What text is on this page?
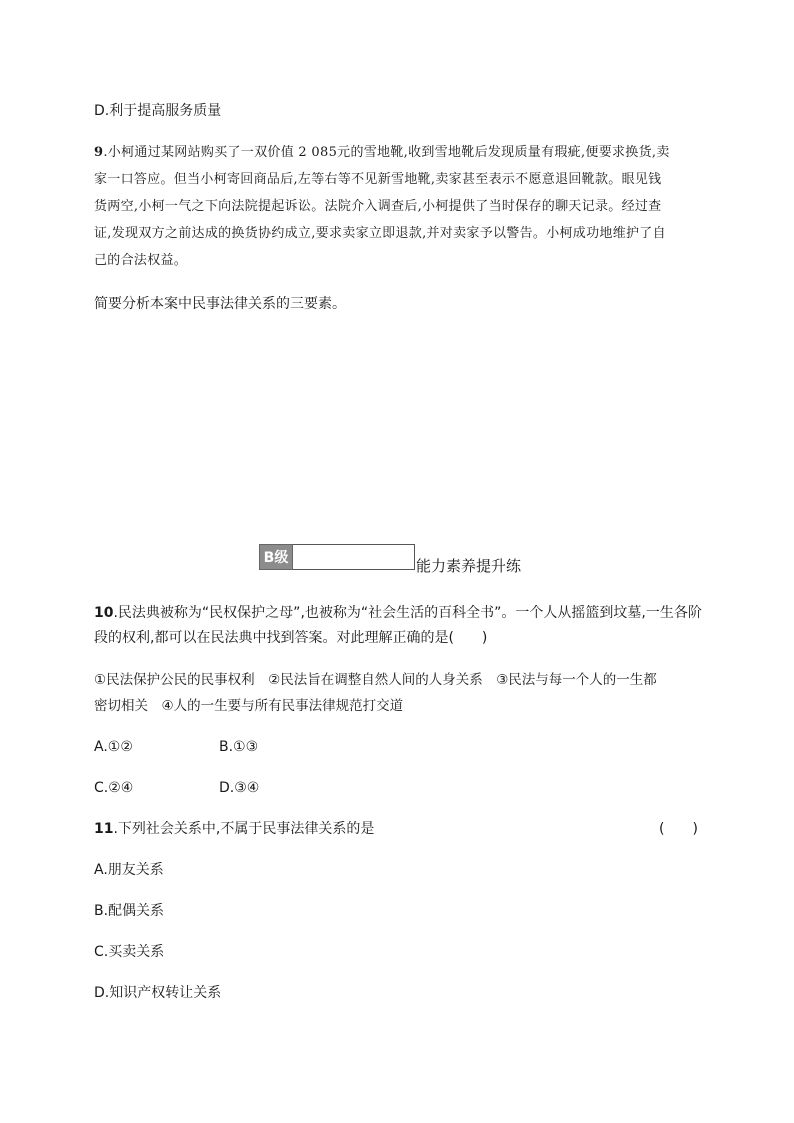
D.利于提高服务质量
9.小柯通过某网站购买了一双价值 2 085元的雪地靴,收到雪地靴后发现质量有瑕疵,便要求换货,卖
家一口答应。但当小柯寄回商品后,左等右等不见新雪地靴,卖家甚至表示不愿意退回靴款。眼见钱
货两空,小柯一气之下向法院提起诉讼。法院介入调查后,小柯提供了当时保存的聊天记录。经过查
证,发现双方之前达成的换货协约成立,要求卖家立即退款,并对卖家予以警告。小柯成功地维护了自
己的合法权益。
简要分析本案中民事法律关系的三要素。
B级	能力素养提升练
10.民法典被称为“民权保护之母”,也被称为“社会生活的百科全书”。一个人从摇篮到坟墓,一生各阶
段的权利,都可以在民法典中找到答案。对此理解正确的是(　　)
①民法保护公民的民事权利　②民法旨在调整自然人间的人身关系　③民法与每一个人的一生都
密切相关　④人的一生要与所有民事法律规范打交道
A.①②	B.①③
C.②④	D.③④
11.下列社会关系中,不属于民事法律关系的是	(　　)
A.朋友关系
B.配偶关系
C.买卖关系
D.知识产权转让关系
